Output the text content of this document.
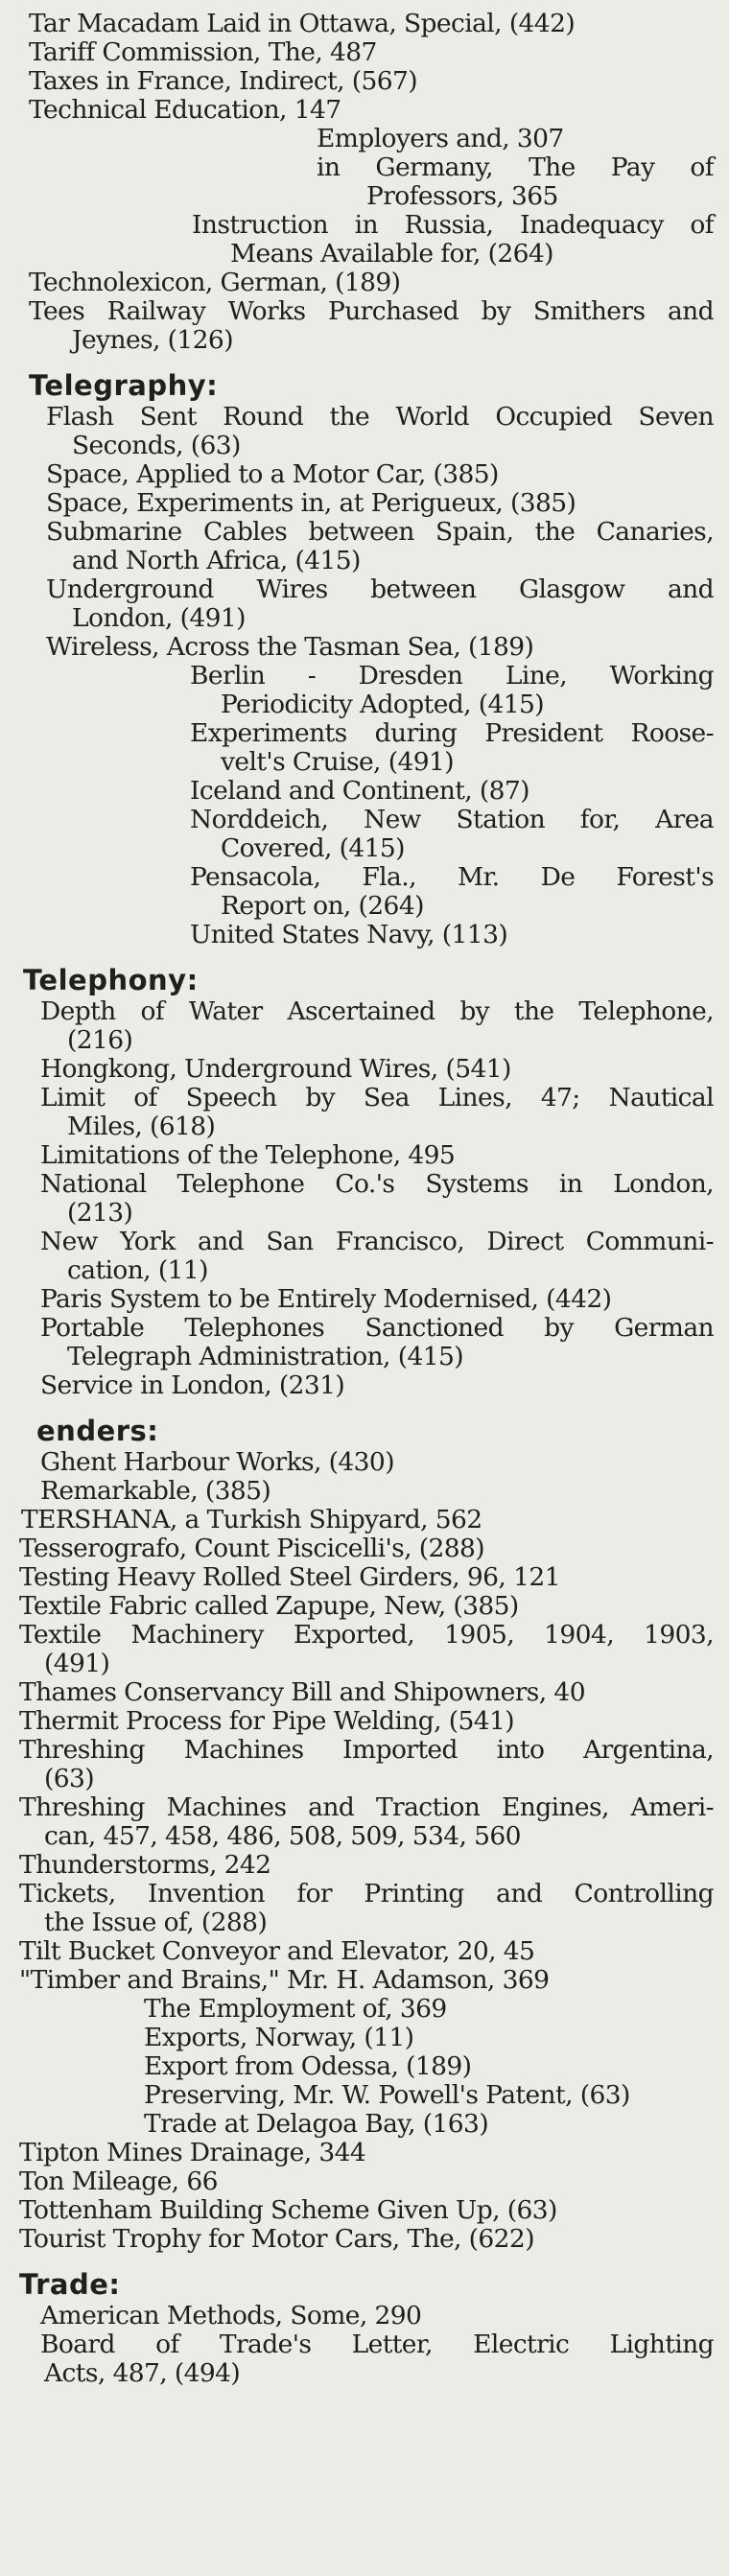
Tar Macadam Laid in Ottawa, Special, (442)
Tariff Commission, The, 487
Taxes in France, Indirect, (567)
Technical Education, 147
Employers and, 307
in Germany, The Pay of
Professors, 365
Instruction in Russia, Inadequacy of
Means Available for, (264)
Technolexicon, German, (189)
Tees Railway Works Purchased by Smithers and
Jeynes, (126)
Telegraphy:
Flash Sent Round the World Occupied Seven
Seconds, (63)
Space, Applied to a Motor Car, (385)
Space, Experiments in, at Perigueux, (385)
Submarine Cables between Spain, the Canaries,
and North Africa, (415)
Underground Wires between Glasgow and
London, (491)
Wireless, Across the Tasman Sea, (189)
Berlin - Dresden Line, Working
Periodicity Adopted, (415)
Experiments during President Roose-
velt's Cruise, (491)
Iceland and Continent, (87)
Norddeich, New Station for, Area
Covered, (415)
Pensacola, Fla., Mr. De Forest's
Report on, (264)
United States Navy, (113)
Telephony:
Depth of Water Ascertained by the Telephone,
(216)
Hongkong, Underground Wires, (541)
Limit of Speech by Sea Lines, 47; Nautical
Miles, (618)
Limitations of the Telephone, 495
National Telephone Co.'s Systems in London,
(213)
New York and San Francisco, Direct Communi-
cation, (11)
Paris System to be Entirely Modernised, (442)
Portable Telephones Sanctioned by German
Telegraph Administration, (415)
Service in London, (231)
enders:
Ghent Harbour Works, (430)
Remarkable, (385)
TERSHANA, a Turkish Shipyard, 562
Tesserografo, Count Piscicelli's, (288)
Testing Heavy Rolled Steel Girders, 96, 121
Textile Fabric called Zapupe, New, (385)
Textile Machinery Exported, 1905, 1904, 1903,
(491)
Thames Conservancy Bill and Shipowners, 40
Thermit Process for Pipe Welding, (541)
Threshing Machines Imported into Argentina,
(63)
Threshing Machines and Traction Engines, Ameri-
can, 457, 458, 486, 508, 509, 534, 560
Thunderstorms, 242
Tickets, Invention for Printing and Controlling
the Issue of, (288)
Tilt Bucket Conveyor and Elevator, 20, 45
"Timber and Brains," Mr. H. Adamson, 369
The Employment of, 369
Exports, Norway, (11)
Export from Odessa, (189)
Preserving, Mr. W. Powell's Patent, (63)
Trade at Delagoa Bay, (163)
Tipton Mines Drainage, 344
Ton Mileage, 66
Tottenham Building Scheme Given Up, (63)
Tourist Trophy for Motor Cars, The, (622)
Trade:
American Methods, Some, 290
Board of Trade's Letter, Electric Lighting
Acts, 487, (494)
